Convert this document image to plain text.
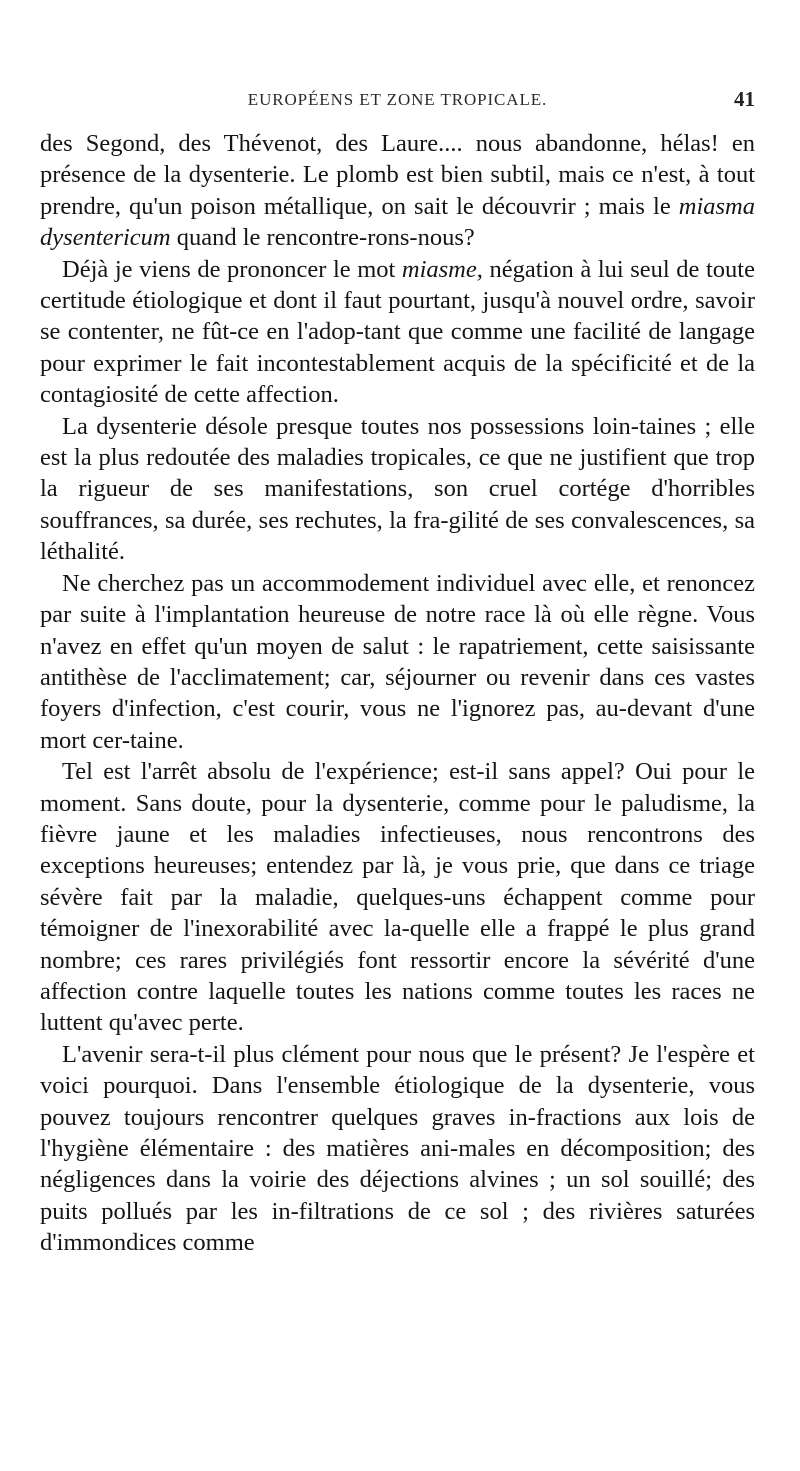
EUROPÉENS ET ZONE TROPICALE.	41

des Segond, des Thévenot, des Laure.... nous abandonne, hélas! en présence de la dysenterie. Le plomb est bien subtil, mais ce n'est, à tout prendre, qu'un poison métallique, on sait le découvrir ; mais le miasma dysentericum quand le rencontre-rons-nous?

Déjà je viens de prononcer le mot miasme, négation à lui seul de toute certitude étiologique et dont il faut pourtant, jusqu'à nouvel ordre, savoir se contenter, ne fût-ce en l'adop-tant que comme une facilité de langage pour exprimer le fait incontestablement acquis de la spécificité et de la contagiosité de cette affection.

La dysenterie désole presque toutes nos possessions loin-taines ; elle est la plus redoutée des maladies tropicales, ce que ne justifient que trop la rigueur de ses manifestations, son cruel cortége d'horribles souffrances, sa durée, ses rechutes, la fra-gilité de ses convalescences, sa léthalité.

Ne cherchez pas un accommodement individuel avec elle, et renoncez par suite à l'implantation heureuse de notre race là où elle règne. Vous n'avez en effet qu'un moyen de salut : le rapatriement, cette saisissante antithèse de l'acclimatement; car, séjourner ou revenir dans ces vastes foyers d'infection, c'est courir, vous ne l'ignorez pas, au-devant d'une mort cer-taine.

Tel est l'arrêt absolu de l'expérience; est-il sans appel? Oui pour le moment. Sans doute, pour la dysenterie, comme pour le paludisme, la fièvre jaune et les maladies infectieuses, nous rencontrons des exceptions heureuses; entendez par là, je vous prie, que dans ce triage sévère fait par la maladie, quelques-uns échappent comme pour témoigner de l'inexorabilité avec la-quelle elle a frappé le plus grand nombre; ces rares privilégiés font ressortir encore la sévérité d'une affection contre laquelle toutes les nations comme toutes les races ne luttent qu'avec perte.

L'avenir sera-t-il plus clément pour nous que le présent? Je l'espère et voici pourquoi. Dans l'ensemble étiologique de la dysenterie, vous pouvez toujours rencontrer quelques graves in-fractions aux lois de l'hygiène élémentaire : des matières ani-males en décomposition; des négligences dans la voirie des déjections alvines ; un sol souillé; des puits pollués par les in-filtrations de ce sol ; des rivières saturées d'immondices comme
